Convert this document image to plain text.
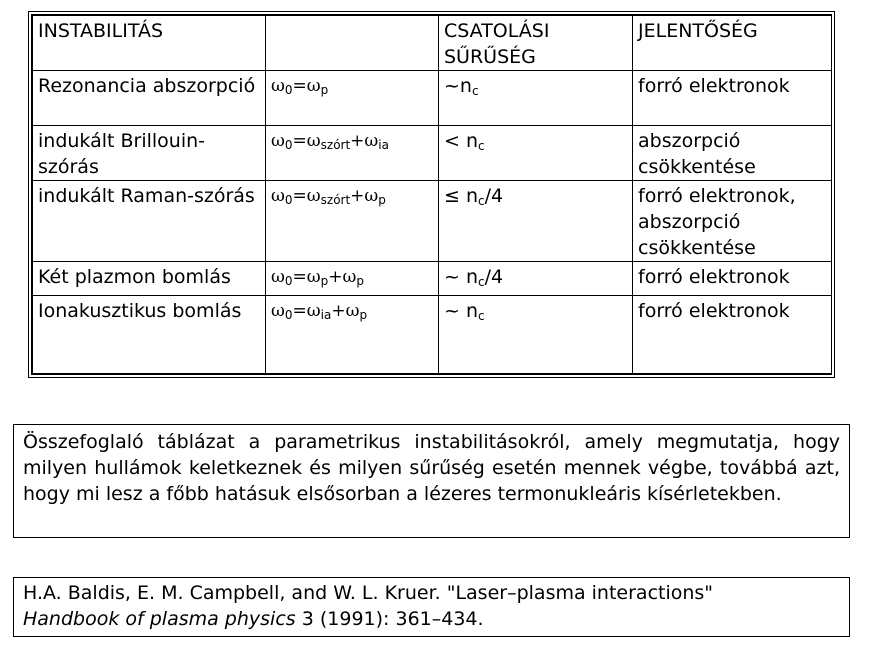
INSTABILITÁS		CSATOLÁSI SŰRŰSÉG	JELENTŐSÉG
Rezonancia abszorpció	$\omega_0=\omega_p$	$\sim n_c$	forró elektronok
indukált Brillouin-szórás	$\omega_0=\omega_{szórt}+\omega_{ia}$	< $n_c$	abszorpció csökkentése
indukált Raman-szórás	$\omega_0=\omega_{szórt}+\omega_p$	≤ $n_c/4$	forró elektronok, abszorpció csökkentése
Két plazmon bomlás	$\omega_0=\omega_p+\omega_p$	~ $n_c/4$	forró elektronok
Ionakusztikus bomlás	$\omega_0=\omega_{ia}+\omega_p$	~ $n_c$	forró elektronok

Összefoglaló táblázat a parametrikus instabilitásokról, amely megmutatja, hogy milyen hullámok keletkeznek és milyen sűrűség esetén mennek végbe, továbbá azt, hogy mi lesz a főbb hatásuk elsősorban a lézeres termonukleáris kísérletekben.

H.A. Baldis, E. M. Campbell, and W. L. Kruer. "Laser–plasma interactions"
Handbook of plasma physics 3 (1991): 361–434.
